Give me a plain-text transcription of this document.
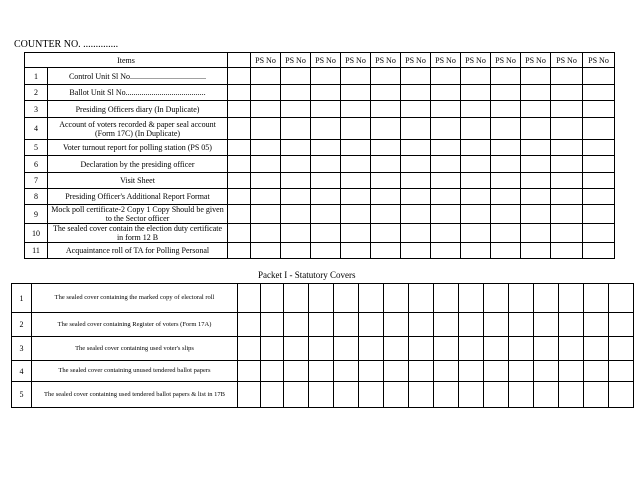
COUNTER NO. ..............
Items			PS No	PS No	PS No	PS No	PS No	PS No	PS No	PS No	PS No	PS No	PS No	PS No
1	Control Unit Sl No......................................													
2	Ballot Unit Sl No........................................													
3	Presiding Officers diary (In Duplicate)													
4	Account of voters recorded & paper seal account (Form 17C) (In Duplicate)													
5	Voter turnout report for polling station (PS 05)													
6	Declaration by the presiding officer													
7	Visit Sheet													
8	Presiding Officer's Additional Report Format													
9	Mock poll certificate-2 Copy 1 Copy Should be given to the Sector officer													
10	The sealed cover contain the election duty certificate in form 12 B													
11	Acquaintance roll of TA for Polling Personal													
Packet I - Statutory Covers
1	The sealed cover containing the marked copy of electoral roll																
2	The sealed cover containing Register of voters (Form 17A)																
3	The sealed cover containing used voter's slips																
4	The sealed cover containing unused tendered ballot papers																
5	The sealed cover containing used tendered ballot papers & list in 17B																
